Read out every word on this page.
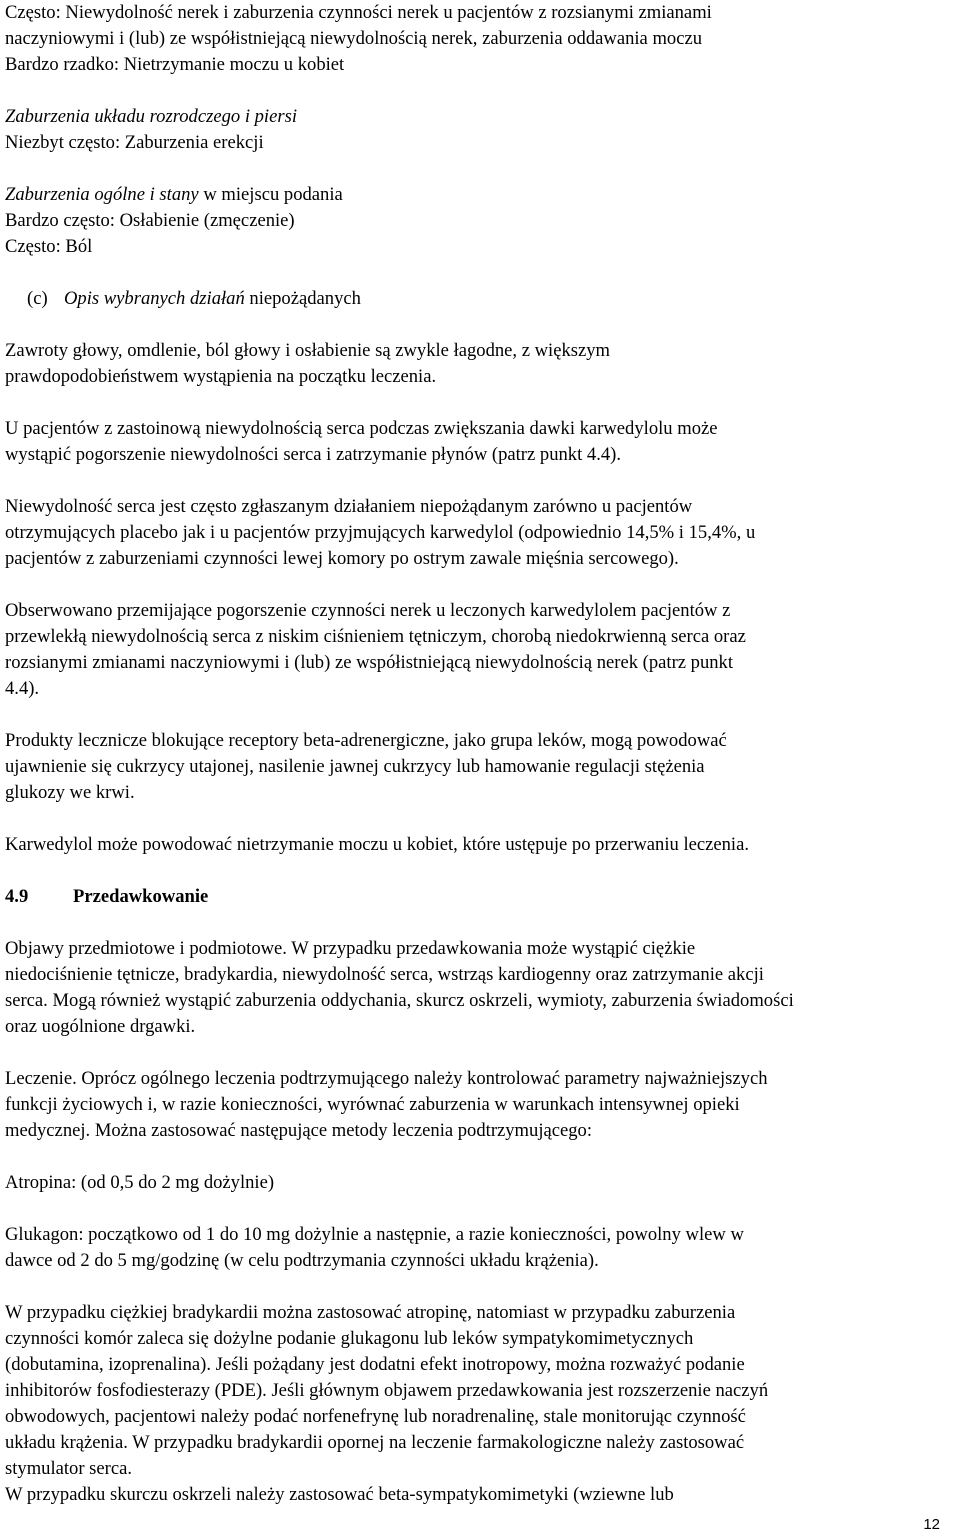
Często: Niewydolność nerek i zaburzenia czynności nerek u pacjentów z rozsianymi zmianami
naczyniowymi i (lub) ze współistniejącą niewydolnością nerek, zaburzenia oddawania moczu
Bardzo rzadko: Nietrzymanie moczu u kobiet

Zaburzenia układu rozrodczego i piersi
Niezbyt często: Zaburzenia erekcji

Zaburzenia ogólne i stany w miejscu podania
Bardzo często: Osłabienie (zmęczenie)
Często: Ból

(c) Opis wybranych działań niepożądanych

Zawroty głowy, omdlenie, ból głowy i osłabienie są zwykle łagodne, z większym
prawdopodobieństwem wystąpienia na początku leczenia.

U pacjentów z zastoinową niewydolnością serca podczas zwiększania dawki karwedylolu może
wystąpić pogorszenie niewydolności serca i zatrzymanie płynów (patrz punkt 4.4).

Niewydolność serca jest często zgłaszanym działaniem niepożądanym zarówno u pacjentów
otrzymujących placebo jak i u pacjentów przyjmujących karwedylol (odpowiednio 14,5% i 15,4%, u
pacjentów z zaburzeniami czynności lewej komory po ostrym zawale mięśnia sercowego).

Obserwowano przemijające pogorszenie czynności nerek u leczonych karwedylolem pacjentów z
przewlekłą niewydolnością serca z niskim ciśnieniem tętniczym, chorobą niedokrwienną serca oraz
rozsianymi zmianami naczyniowymi i (lub) ze współistniejącą niewydolnością nerek (patrz punkt
4.4).

Produkty lecznicze blokujące receptory beta-adrenergiczne, jako grupa leków, mogą powodować
ujawnienie się cukrzycy utajonej, nasilenie jawnej cukrzycy lub hamowanie regulacji stężenia
glukozy we krwi.

Karwedylol może powodować nietrzymanie moczu u kobiet, które ustępuje po przerwaniu leczenia.

4.9 Przedawkowanie

Objawy przedmiotowe i podmiotowe. W przypadku przedawkowania może wystąpić ciężkie
niedociśnienie tętnicze, bradykardia, niewydolność serca, wstrząs kardiogenny oraz zatrzymanie akcji
serca. Mogą również wystąpić zaburzenia oddychania, skurcz oskrzeli, wymioty, zaburzenia świadomości
oraz uogólnione drgawki.

Leczenie. Oprócz ogólnego leczenia podtrzymującego należy kontrolować parametry najważniejszych
funkcji życiowych i, w razie konieczności, wyrównać zaburzenia w warunkach intensywnej opieki
medycznej. Można zastosować następujące metody leczenia podtrzymującego:

Atropina: (od 0,5 do 2 mg dożylnie)

Glukagon: początkowo od 1 do 10 mg dożylnie a następnie, a razie konieczności, powolny wlew w
dawce od 2 do 5 mg/godzinę (w celu podtrzymania czynności układu krążenia).

W przypadku ciężkiej bradykardii można zastosować atropinę, natomiast w przypadku zaburzenia
czynności komór zaleca się dożylne podanie glukagonu lub leków sympatykomimetycznych
(dobutamina, izoprenalina). Jeśli pożądany jest dodatni efekt inotropowy, można rozważyć podanie
inhibitorów fosfodiesterazy (PDE). Jeśli głównym objawem przedawkowania jest rozszerzenie naczyń
obwodowych, pacjentowi należy podać norfenefrynę lub noradrenalinę, stale monitorując czynność
układu krążenia. W przypadku bradykardii opornej na leczenie farmakologiczne należy zastosować
stymulator serca.

W przypadku skurczu oskrzeli należy zastosować beta-sympatykomimetyki (wziewne lub

12
